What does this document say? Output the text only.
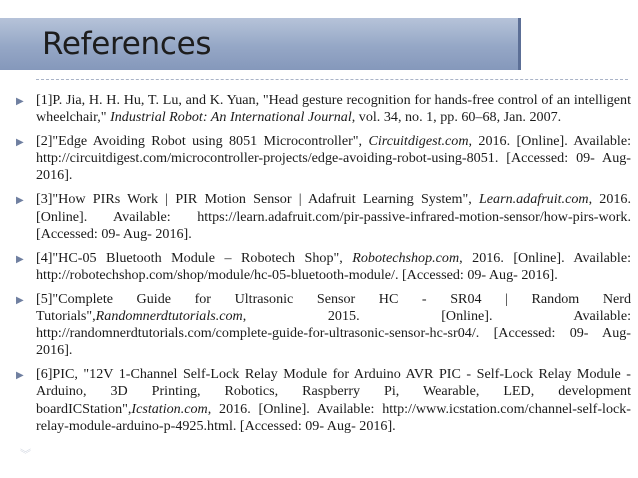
References
▶ [1]P. Jia, H. H. Hu, T. Lu, and K. Yuan, "Head gesture recognition for hands-free control of an intelligent wheelchair," Industrial Robot: An International Journal, vol. 34, no. 1, pp. 60–68, Jan. 2007.
▶ [2]"Edge Avoiding Robot using 8051 Microcontroller", Circuitdigest.com, 2016. [Online]. Available: http://circuitdigest.com/microcontroller-projects/edge-avoiding-robot-using-8051. [Accessed: 09- Aug- 2016].
▶ [3]"How PIRs Work | PIR Motion Sensor | Adafruit Learning System", Learn.adafruit.com, 2016. [Online]. Available: https://learn.adafruit.com/pir-passive-infrared-motion-sensor/how-pirs-work. [Accessed: 09- Aug- 2016].
▶ [4]"HC-05 Bluetooth Module – Robotech Shop", Robotechshop.com, 2016. [Online]. Available: http://robotechshop.com/shop/module/hc-05-bluetooth-module/. [Accessed: 09- Aug- 2016].
▶ [5]"Complete Guide for Ultrasonic Sensor HC - SR04 | Random Nerd Tutorials",Randomnerdtutorials.com, 2015. [Online]. Available: http://randomnerdtutorials.com/complete-guide-for-ultrasonic-sensor-hc-sr04/. [Accessed: 09- Aug- 2016].
▶ [6]PIC, "12V 1-Channel Self-Lock Relay Module for Arduino AVR PIC - Self-Lock Relay Module - Arduino, 3D Printing, Robotics, Raspberry Pi, Wearable, LED, development boardICStation",Icstation.com, 2016. [Online]. Available: http://www.icstation.com/channel-self-lock-relay-module-arduino-p-4925.html. [Accessed: 09- Aug- 2016].
︾
